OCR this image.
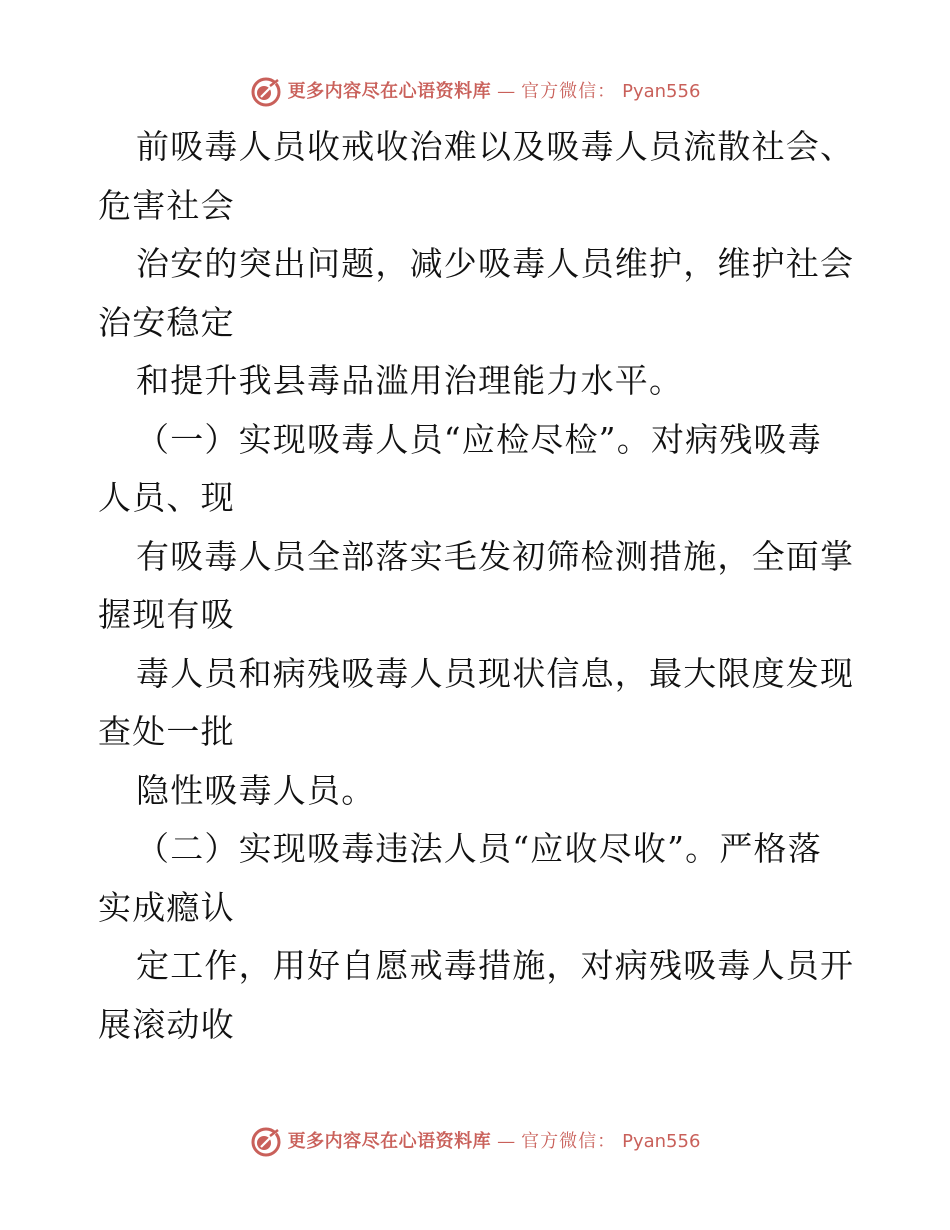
更多内容尽在心语资料库 — 官方微信： Pyan556
前吸毒人员收戒收治难以及吸毒人员流散社会、
危害社会
治安的突出问题，减少吸毒人员维护，维护社会
治安稳定
和提升我县毒品滥用治理能力水平。
（一）实现吸毒人员“应检尽检”。对病残吸毒
人员、现
有吸毒人员全部落实毛发初筛检测措施，全面掌
握现有吸
毒人员和病残吸毒人员现状信息，最大限度发现
查处一批
隐性吸毒人员。
（二）实现吸毒违法人员“应收尽收”。严格落
实成瘾认
定工作，用好自愿戒毒措施，对病残吸毒人员开
展滚动收
更多内容尽在心语资料库 — 官方微信： Pyan556
